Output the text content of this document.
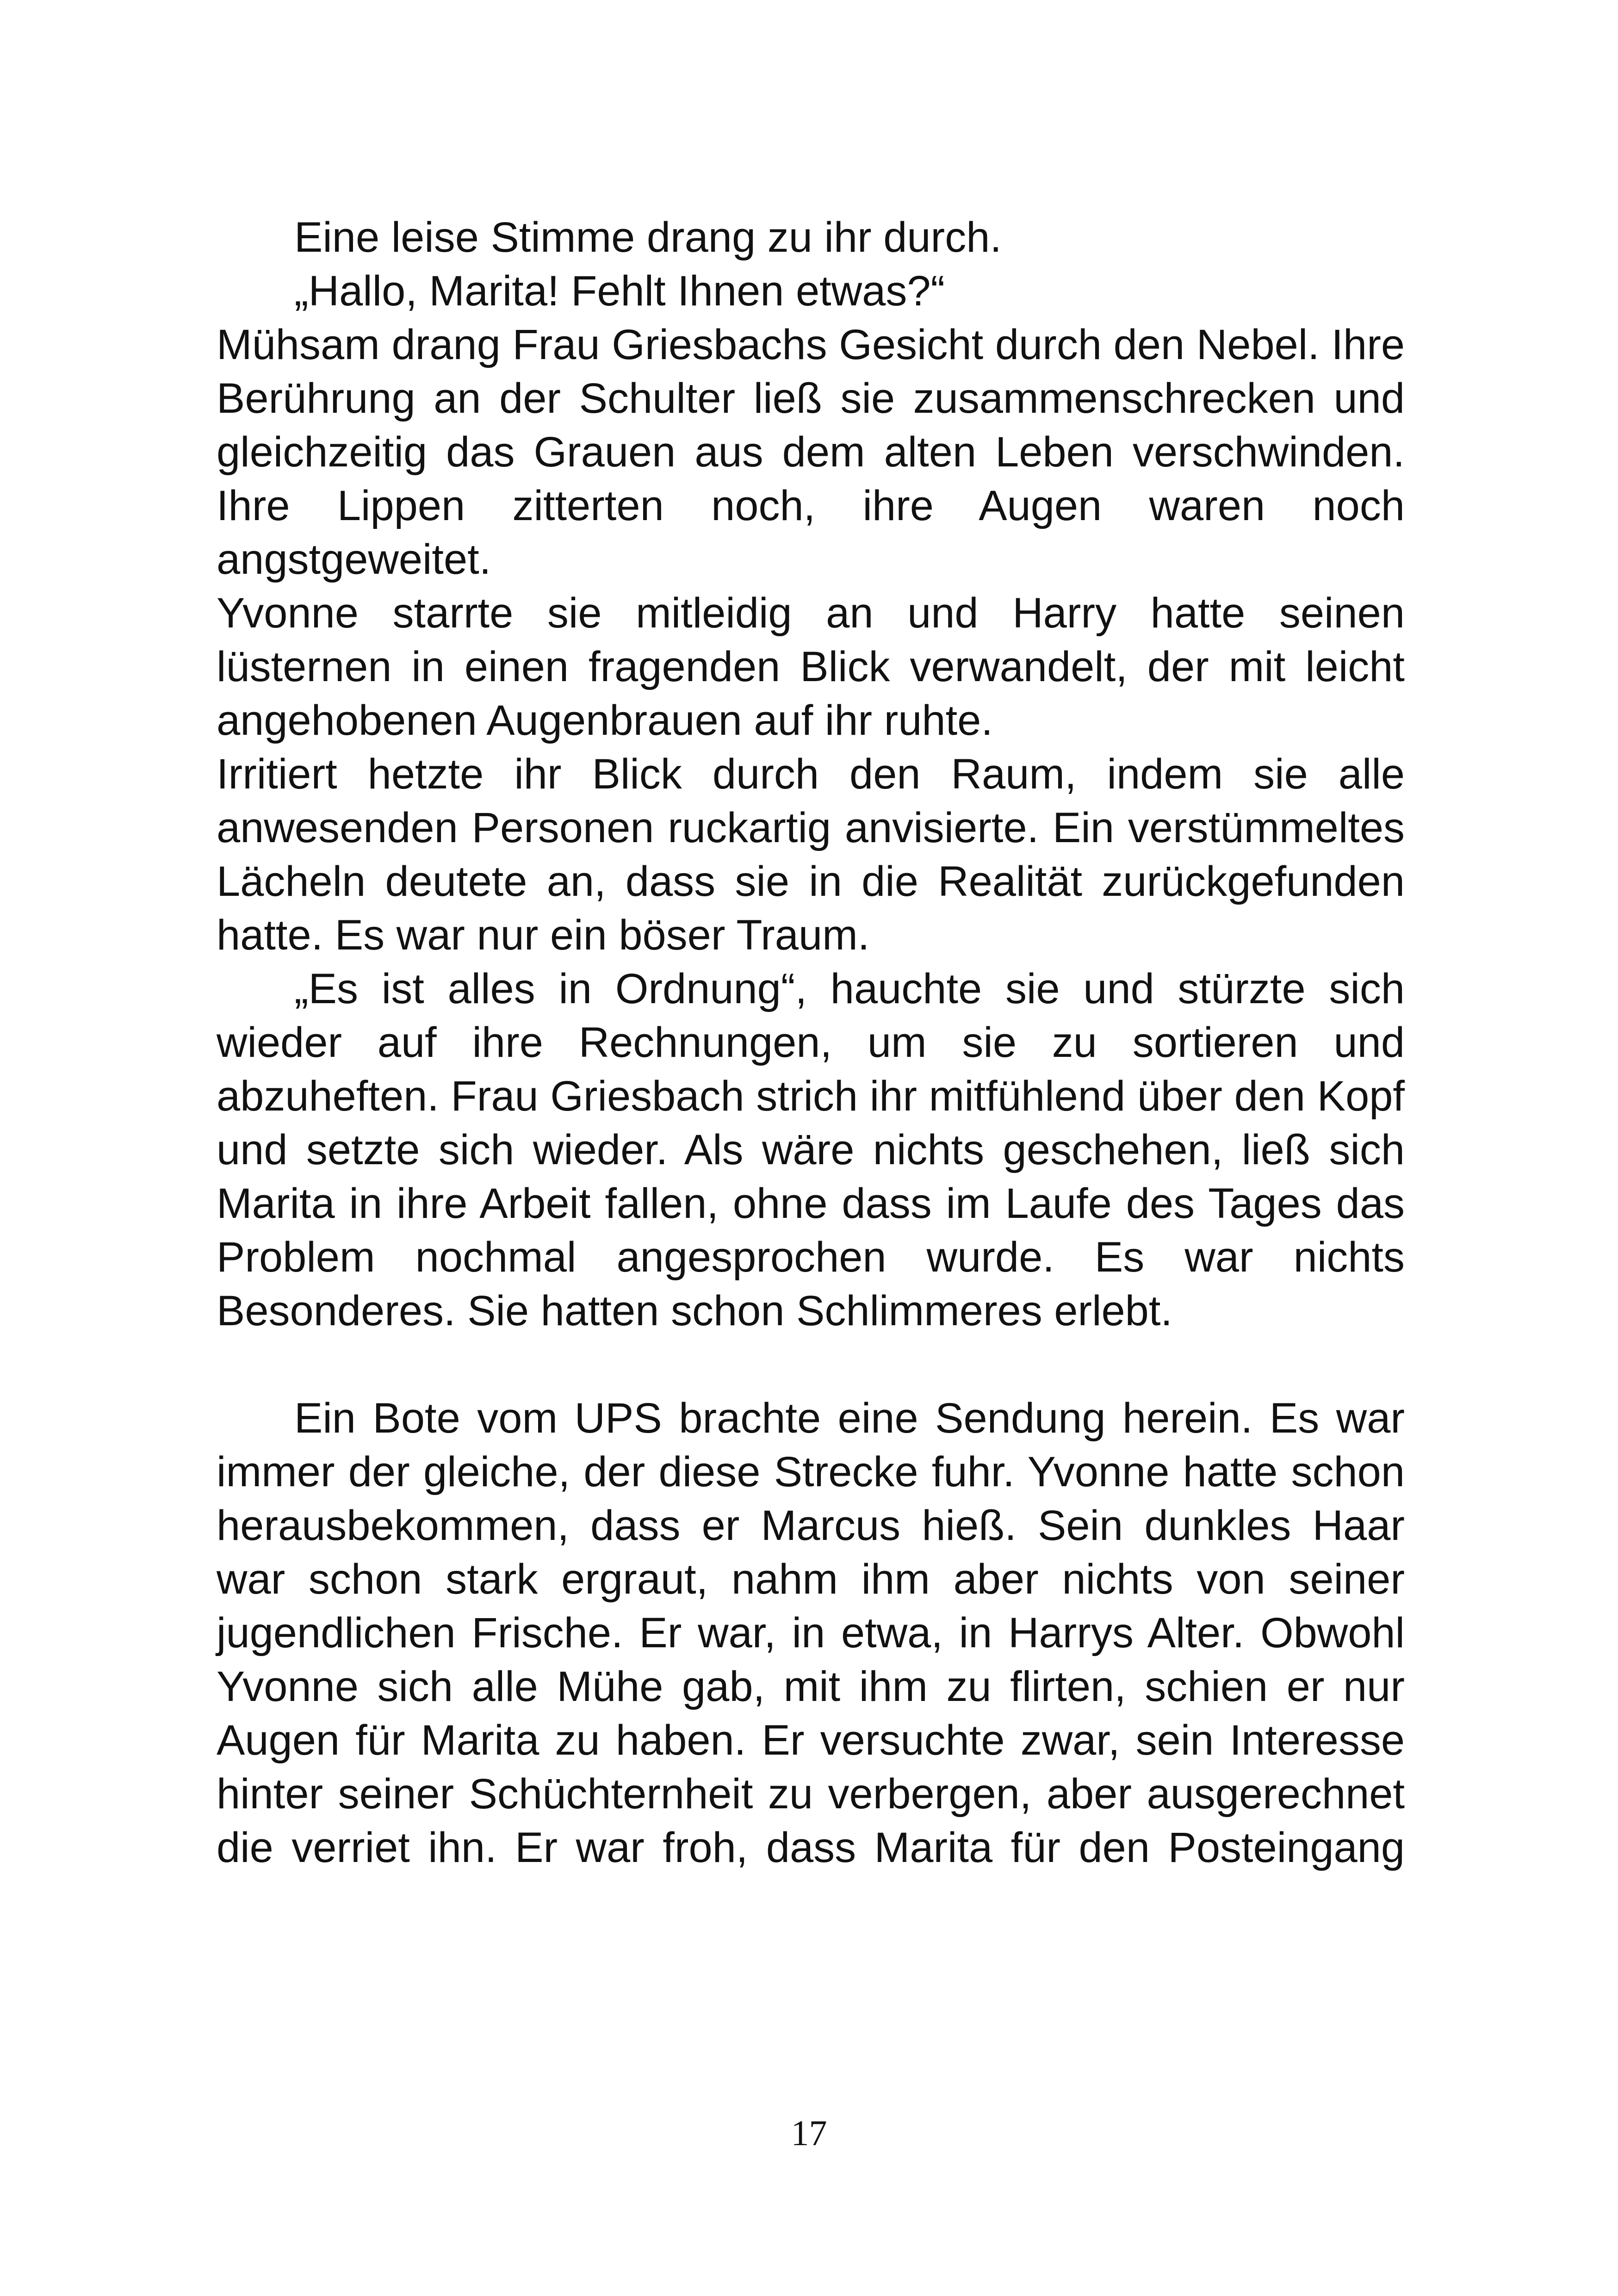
Eine leise Stimme drang zu ihr durch.

„Hallo, Marita! Fehlt Ihnen etwas?“

Mühsam drang Frau Griesbachs Gesicht durch den Nebel. Ihre Berührung an der Schulter ließ sie zusammenschrecken und gleichzeitig das Grauen aus dem alten Leben verschwinden. Ihre Lippen zitterten noch, ihre Augen waren noch angstgeweitet.

Yvonne starrte sie mitleidig an und Harry hatte seinen lüsternen in einen fragenden Blick verwandelt, der mit leicht angehobenen Augenbrauen auf ihr ruhte.

Irritiert hetzte ihr Blick durch den Raum, indem sie alle anwesenden Personen ruckartig anvisierte. Ein verstümmeltes Lächeln deutete an, dass sie in die Realität zurückgefunden hatte. Es war nur ein böser Traum.

„Es ist alles in Ordnung“, hauchte sie und stürzte sich wieder auf ihre Rechnungen, um sie zu sortieren und abzuheften. Frau Griesbach strich ihr mitfühlend über den Kopf und setzte sich wieder. Als wäre nichts geschehen, ließ sich Marita in ihre Arbeit fallen, ohne dass im Laufe des Tages das Problem nochmal angesprochen wurde. Es war nichts Besonderes. Sie hatten schon Schlimmeres erlebt.

Ein Bote vom UPS brachte eine Sendung herein. Es war immer der gleiche, der diese Strecke fuhr. Yvonne hatte schon herausbekommen, dass er Marcus hieß. Sein dunkles Haar war schon stark ergraut, nahm ihm aber nichts von seiner jugendlichen Frische. Er war, in etwa, in Harrys Alter. Obwohl Yvonne sich alle Mühe gab, mit ihm zu flirten, schien er nur Augen für Marita zu haben. Er versuchte zwar, sein Interesse hinter seiner Schüchternheit zu verbergen, aber ausgerechnet die verriet ihn. Er war froh, dass Marita für den Posteingang

17
